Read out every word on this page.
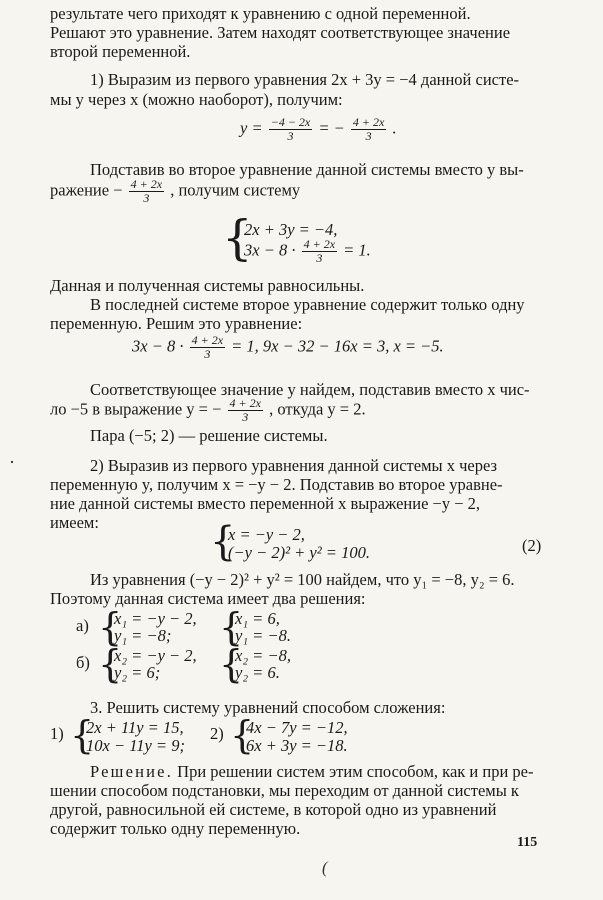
результате чего приходят к уравнению с одной переменной.
Решают это уравнение. Затем находят соответствующее значение
второй переменной.
1) Выразим из первого уравнения 2x + 3y = −4 данной систе-
мы y через x (можно наоборот), получим:
$y = \frac{-4 - 2x}{3}$ = − $\frac{4 + 2x}{3}$ .
Подставив во второе уравнение данной системы вместо y вы-
ражение − $\frac{4 + 2x}{3}$ , получим систему
{
2x + 3y = −4,
$3x - 8 \cdot \frac{4 + 2x}{3} = 1$.
Данная и полученная системы равносильны.
В последней системе второе уравнение содержит только одну
переменную. Решим это уравнение:
$3x - 8 \cdot \frac{4 + 2x}{3} = 1$, 9x − 32 − 16x = 3, x = −5.
Соответствующее значение y найдем, подставив вместо x чис-
ло −5 в выражение y = − $\frac{4 + 2x}{3}$ , откуда y = 2.
Пара (−5; 2) — решение системы.
·	2) Выразив из первого уравнения данной системы x через
переменную y, получим x = −y − 2. Подставив во второе уравне-
ние данной системы вместо переменной x выражение −y − 2,
имеем:	{
x = −y − 2,
(−y − 2)² + y² = 100.	(2)
Из уравнения (−y − 2)² + y² = 100 найдем, что y₁ = −8, y₂ = 6.
Поэтому данная система имеет два решения:
а) {
x₁ = −y − 2,
y₁ = −8; {
x₁ = 6,
y₁ = −8.
б) {
x₂ = −y − 2,
y₂ = 6; {
x₂ = −8,
y₂ = 6.
3. Решить систему уравнений способом сложения:
1) {
2x + 11y = 15,
10x − 11y = 9;
2) {
4x − 7y = −12,
6x + 3y = −18.
Решение. При решении систем этим способом, как и при ре-
шении способом подстановки, мы переходим от данной системы к
другой, равносильной ей системе, в которой одно из уравнений
содержит только одну переменную.
115
(
